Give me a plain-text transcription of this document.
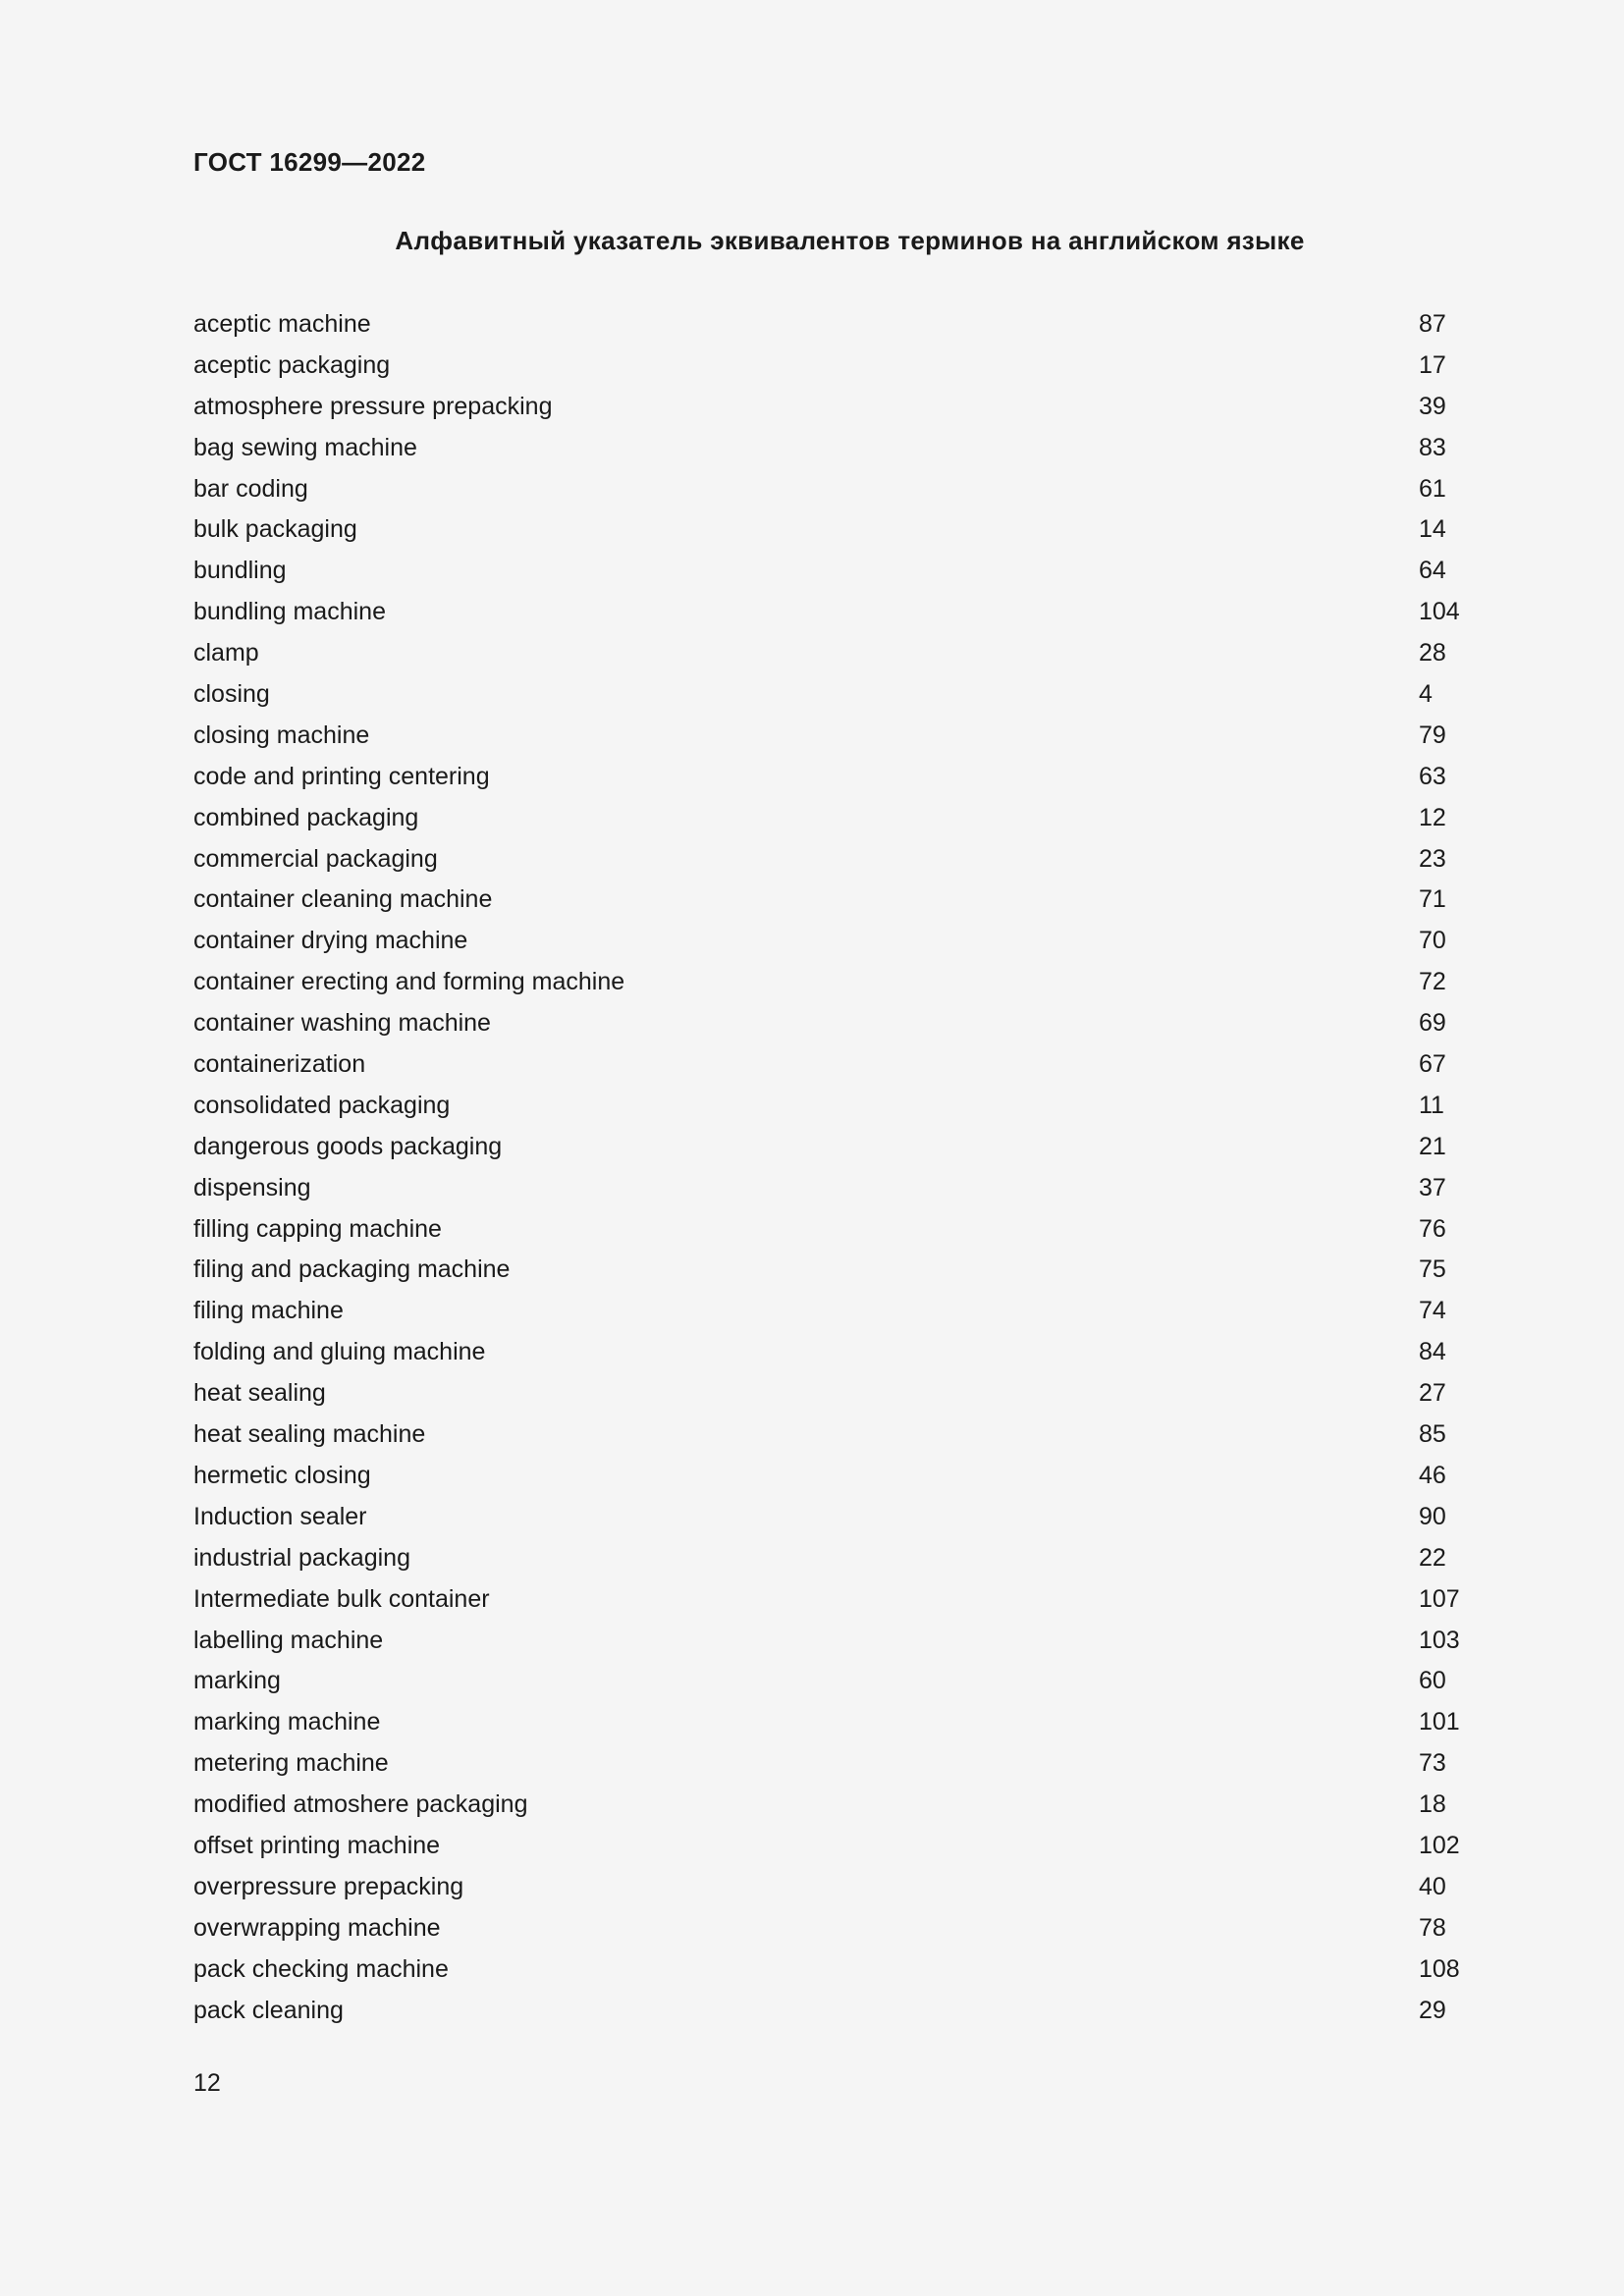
ГОСТ 16299—2022
Алфавитный указатель эквивалентов терминов на английском языке
aceptic machine	87
aceptic packaging	17
atmosphere pressure prepacking	39
bag sewing machine	83
bar coding	61
bulk packaging	14
bundling	64
bundling machine	104
clamp	28
closing	4
closing machine	79
code and printing centering	63
combined packaging	12
commercial packaging	23
container cleaning machine	71
container drying machine	70
container erecting and forming machine	72
container washing machine	69
containerization	67
consolidated packaging	11
dangerous goods packaging	21
dispensing	37
filling capping machine	76
filing and packaging machine	75
filing machine	74
folding and gluing machine	84
heat sealing	27
heat sealing machine	85
hermetic closing	46
Induction sealer	90
industrial packaging	22
Intermediate bulk container	107
labelling machine	103
marking	60
marking machine	101
metering machine	73
modified atmoshere packaging	18
offset printing machine	102
overpressure prepacking	40
overwrapping machine	78
pack checking machine	108
pack cleaning	29
12
